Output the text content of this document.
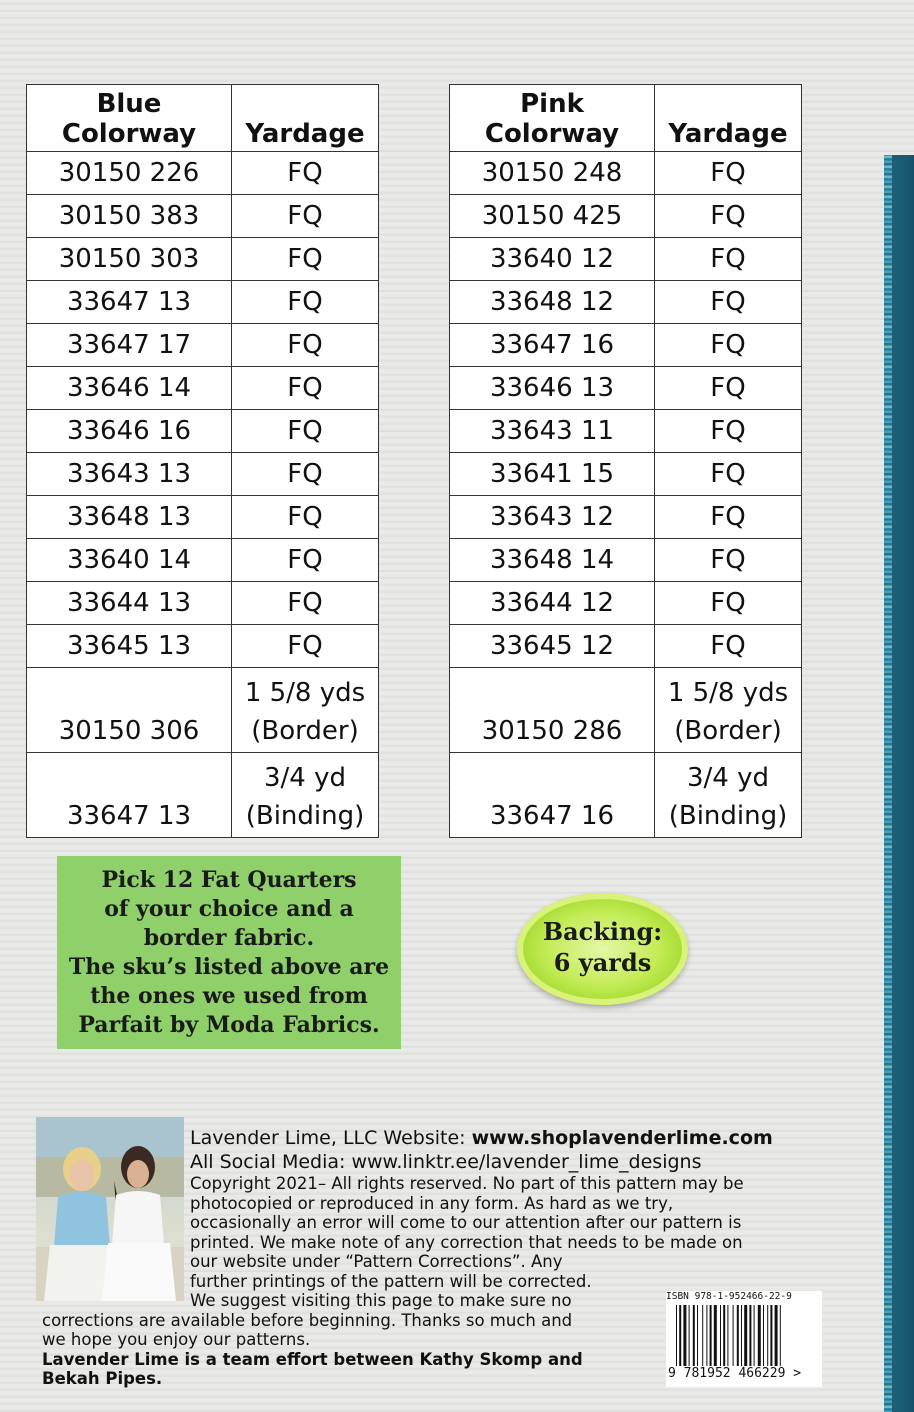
Blue Colorway	Yardage
30150 226	FQ
30150 383	FQ
30150 303	FQ
33647 13	FQ
33647 17	FQ
33646 14	FQ
33646 16	FQ
33643 13	FQ
33648 13	FQ
33640 14	FQ
33644 13	FQ
33645 13	FQ
30150 306	1 5/8 yds
(Border)
33647 13	3/4 yd
(Binding)
Pink Colorway	Yardage
30150 248	FQ
30150 425	FQ
33640 12	FQ
33648 12	FQ
33647 16	FQ
33646 13	FQ
33643 11	FQ
33641 15	FQ
33643 12	FQ
33648 14	FQ
33644 12	FQ
33645 12	FQ
30150 286	1 5/8 yds
(Border)
33647 16	3/4 yd
(Binding)
Pick 12 Fat Quarters
of your choice and a
border fabric.
The sku’s listed above are
the ones we used from
Parfait by Moda Fabrics.
Backing:
6 yards
Lavender Lime, LLC Website: www.shoplavenderlime.com
All Social Media: www.linktr.ee/lavender_lime_designs
Copyright 2021– All rights reserved. No part of this pattern may be
photocopied or reproduced in any form. As hard as we try,
occasionally an error will come to our attention after our pattern is
printed. We make note of any correction that needs to be made on
our website under “Pattern Corrections”. Any
further printings of the pattern will be corrected.
We suggest visiting this page to make sure no
corrections are available before beginning. Thanks so much and
we hope you enjoy our patterns.
Lavender Lime is a team effort between Kathy Skomp and
Bekah Pipes.
ISBN 978-1-952466-22-9
9 781952 466229 >
